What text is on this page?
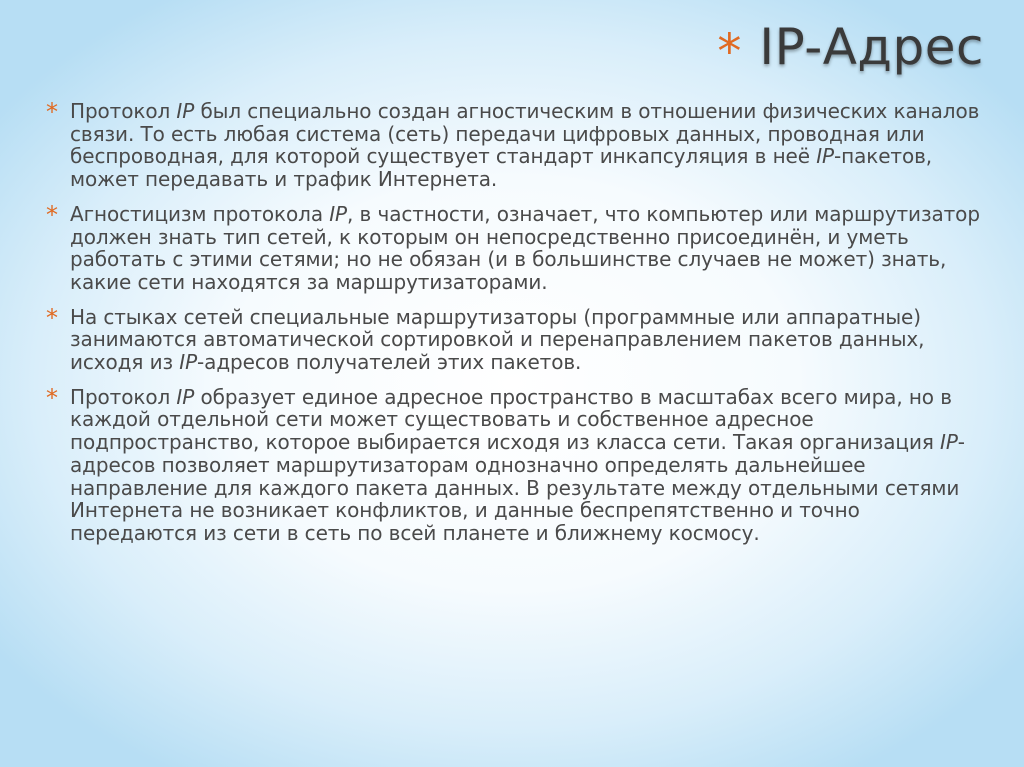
* IP-Адрес
* Протокол IP был специально создан агностическим в отношении физических каналов связи. То есть любая система (сеть) передачи цифровых данных, проводная или беспроводная, для которой существует стандарт инкапсуляция в неё IP-пакетов, может передавать и трафик Интернета.
* Агностицизм протокола IP, в частности, означает, что компьютер или маршрутизатор должен знать тип сетей, к которым он непосредственно присоединён, и уметь работать с этими сетями; но не обязан (и в большинстве случаев не может) знать, какие сети находятся за маршрутизаторами.
* На стыках сетей специальные маршрутизаторы (программные или аппаратные) занимаются автоматической сортировкой и перенаправлением пакетов данных, исходя из IP-адресов получателей этих пакетов.
* Протокол IP образует единое адресное пространство в масштабах всего мира, но в каждой отдельной сети может существовать и собственное адресное подпространство, которое выбирается исходя из класса сети. Такая организация IP-адресов позволяет маршрутизаторам однозначно определять дальнейшее направление для каждого пакета данных. В результате между отдельными сетями Интернета не возникает конфликтов, и данные беспрепятственно и точно передаются из сети в сеть по всей планете и ближнему космосу.
